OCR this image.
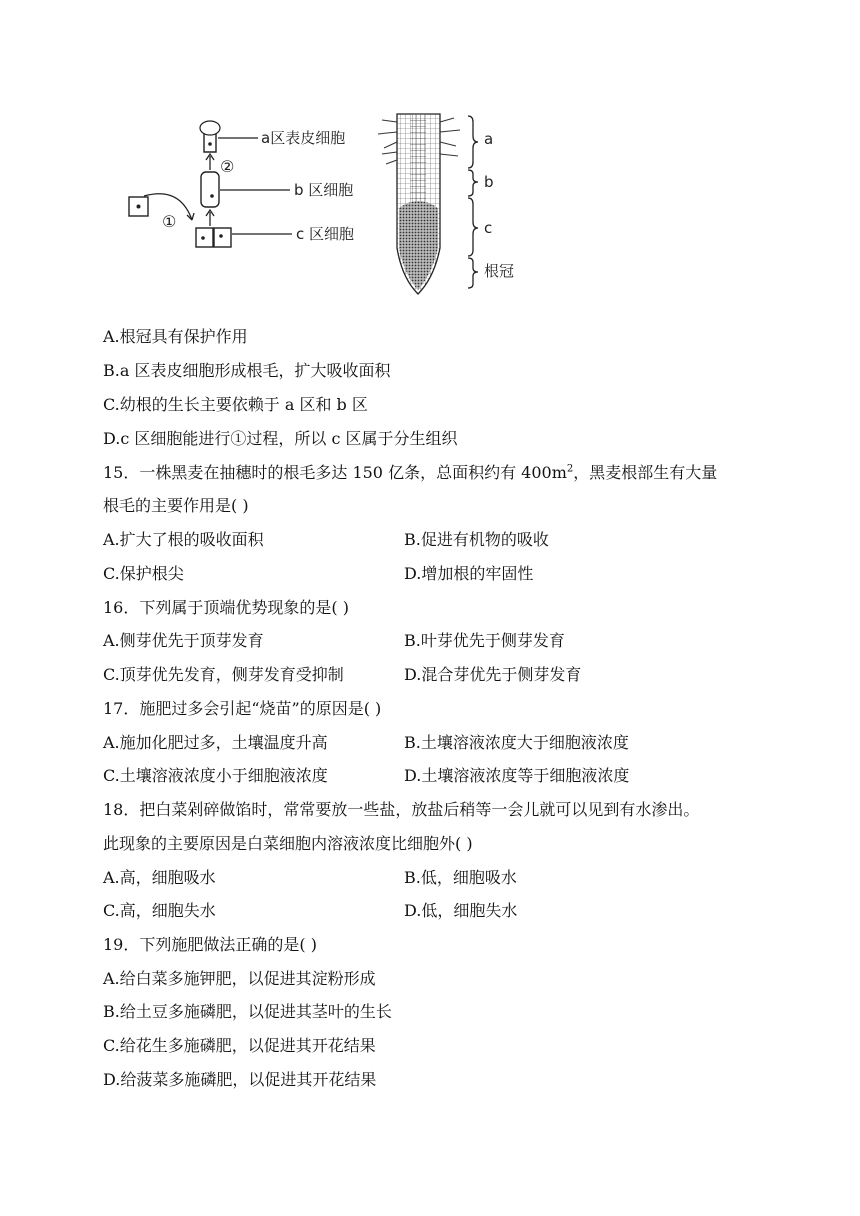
a区表皮细胞
b 区细胞
c 区细胞
①
②
a
b
c
根冠
A.根冠具有保护作用
B.a 区表皮细胞形成根毛，扩大吸收面积
C.幼根的生长主要依赖于 a 区和 b 区
D.c 区细胞能进行①过程，所以 c 区属于分生组织
15．一株黑麦在抽穗时的根毛多达 150 亿条，总面积约有 $400m^2$，黑麦根部生有大量
根毛的主要作用是( )
A.扩大了根的吸收面积	B.促进有机物的吸收
C.保护根尖	D.增加根的牢固性
16．下列属于顶端优势现象的是( )
A.侧芽优先于顶芽发育	B.叶芽优先于侧芽发育
C.顶芽优先发育，侧芽发育受抑制	D.混合芽优先于侧芽发育
17．施肥过多会引起“烧苗”的原因是( )
A.施加化肥过多，土壤温度升高	B.土壤溶液浓度大于细胞液浓度
C.土壤溶液浓度小于细胞液浓度	D.土壤溶液浓度等于细胞液浓度
18．把白菜剁碎做馅时，常常要放一些盐，放盐后稍等一会儿就可以见到有水渗出。
此现象的主要原因是白菜细胞内溶液浓度比细胞外( )
A.高，细胞吸水	B.低，细胞吸水
C.高，细胞失水	D.低，细胞失水
19．下列施肥做法正确的是( )
A.给白菜多施钾肥，以促进其淀粉形成
B.给土豆多施磷肥，以促进其茎叶的生长
C.给花生多施磷肥，以促进其开花结果
D.给菠菜多施磷肥，以促进其开花结果
